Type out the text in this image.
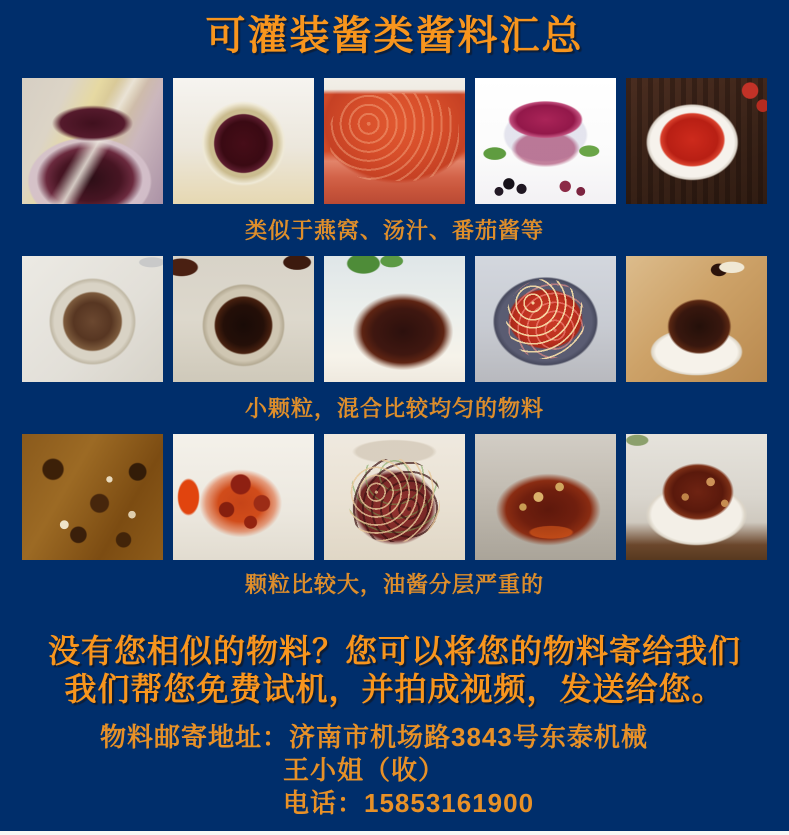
可灌装酱类酱料汇总
类似于燕窝、汤汁、番茄酱等
小颗粒，混合比较均匀的物料
颗粒比较大，油酱分层严重的
没有您相似的物料？您可以将您的物料寄给我们
我们帮您免费试机，并拍成视频，发送给您。
物料邮寄地址：济南市机场路3843号东泰机械
王小姐（收）
电话：15853161900
